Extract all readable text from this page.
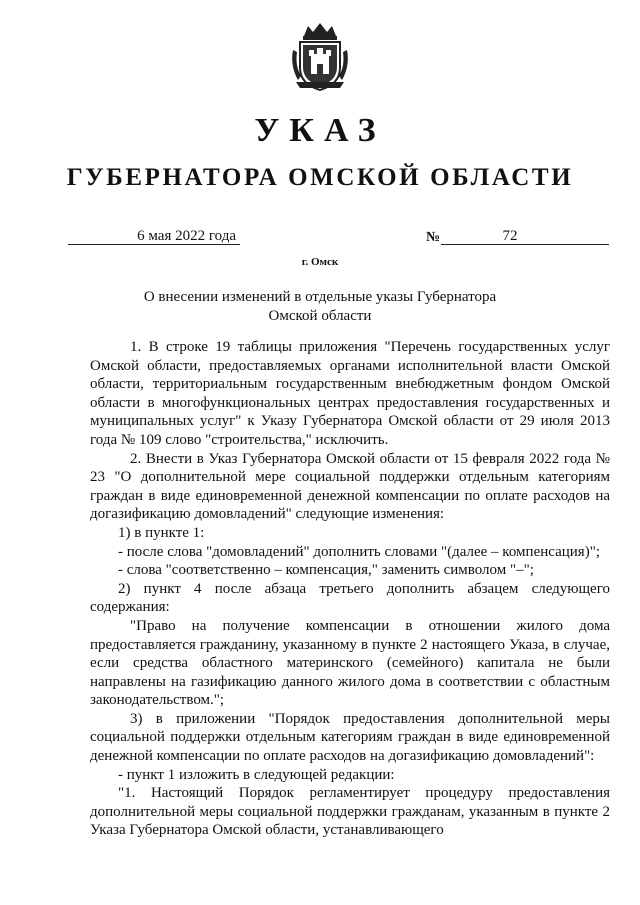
УКАЗ
ГУБЕРНАТОРА ОМСКОЙ ОБЛАСТИ
6 мая 2022 года	№	72
г. Омск

О внесении изменений в отдельные указы Губернатора
Омской области

1. В строке 19 таблицы приложения "Перечень государственных услуг Омской области, предоставляемых органами исполнительной власти Омской области, территориальным государственным внебюджетным фондом Омской области в многофункциональных центрах предоставления государственных и муниципальных услуг" к Указу Губернатора Омской области от 29 июля 2013 года № 109 слово "строительства," исключить.

2. Внести в Указ Губернатора Омской области от 15 февраля 2022 года № 23 "О дополнительной мере социальной поддержки отдельным категориям граждан в виде единовременной денежной компенсации по оплате расходов на догазификацию домовладений" следующие изменения:

1) в пункте 1:

- после слова "домовладений" дополнить словами "(далее – компенсация)";

- слова "соответственно – компенсация," заменить символом "–";

2) пункт 4 после абзаца третьего дополнить абзацем следующего содержания:

"Право на получение компенсации в отношении жилого дома предоставляется гражданину, указанному в пункте 2 настоящего Указа, в случае, если средства областного материнского (семейного) капитала не были направлены на газификацию данного жилого дома в соответствии с областным законодательством.";

3) в приложении "Порядок предоставления дополнительной меры социальной поддержки отдельным категориям граждан в виде единовременной денежной компенсации по оплате расходов на догазификацию домовладений":

- пункт 1 изложить в следующей редакции:

"1. Настоящий Порядок регламентирует процедуру предоставления дополнительной меры социальной поддержки гражданам, указанным в пункте 2 Указа Губернатора Омской области, устанавливающего
